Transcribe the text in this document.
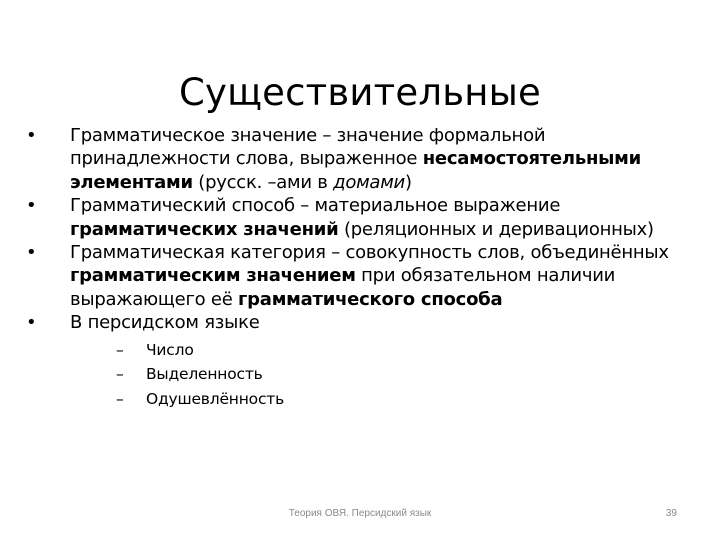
Существительные
• Грамматическое значение – значение формальной принадлежности слова, выраженное несамостоятельными элементами (русск. –ами в домами)
• Грамматический способ – материальное выражение грамматических значений (реляционных и деривационных)
• Грамматическая категория – совокупность слов, объединённых грамматическим значением при обязательном наличии выражающего её грамматического способа
• В персидском языке
– Число
– Выделенность
– Одушевлённость
Теория ОВЯ. Персидский язык	39
